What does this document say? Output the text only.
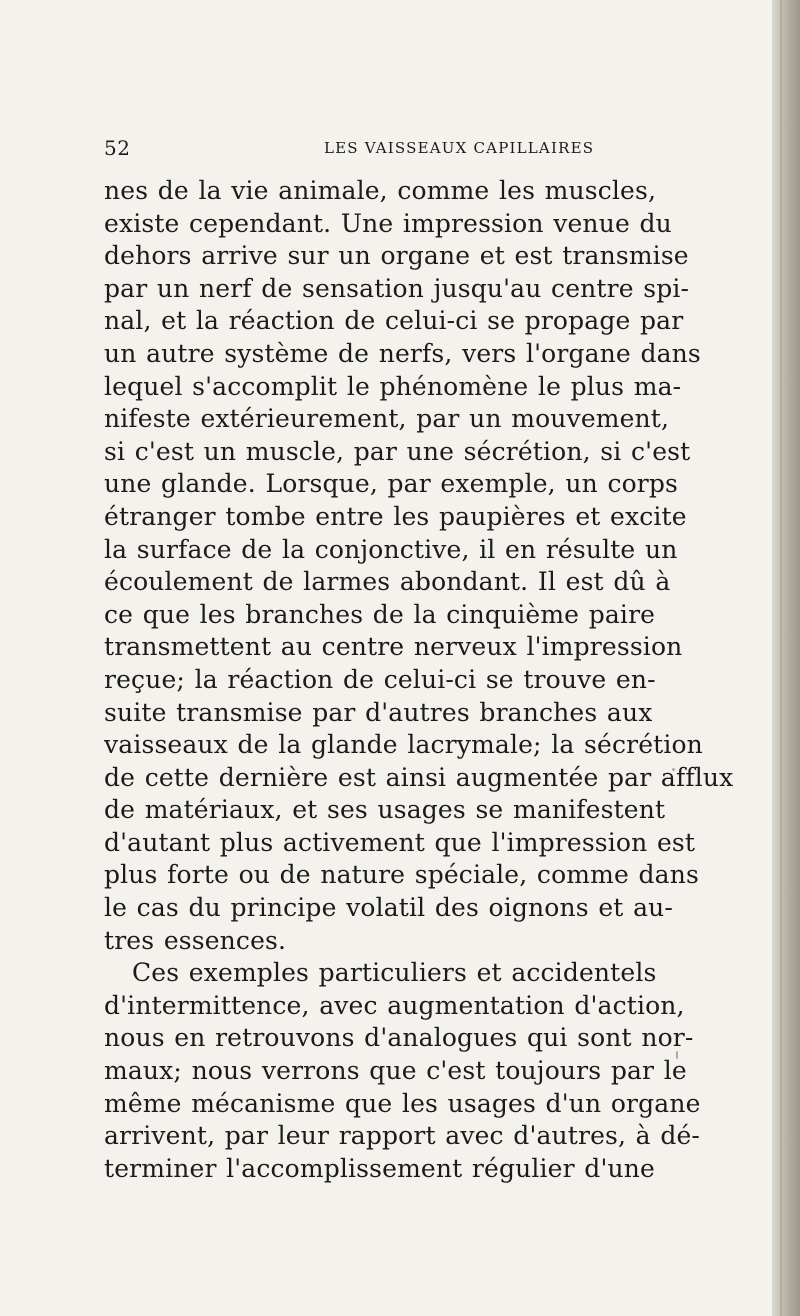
52	LES VAISSEAUX CAPILLAIRES
nes de la vie animale, comme les muscles,
existe cependant. Une impression venue du
dehors arrive sur un organe et est transmise
par un nerf de sensation jusqu'au centre spi-
nal, et la réaction de celui-ci se propage par
un autre système de nerfs, vers l'organe dans
lequel s'accomplit le phénomène le plus ma-
nifeste extérieurement, par un mouvement,
si c'est un muscle, par une sécrétion, si c'est
une glande. Lorsque, par exemple, un corps
étranger tombe entre les paupières et excite
la surface de la conjonctive, il en résulte un
écoulement de larmes abondant. Il est dû à
ce que les branches de la cinquième paire
transmettent au centre nerveux l'impression
reçue; la réaction de celui-ci se trouve en-
suite transmise par d'autres branches aux
vaisseaux de la glande lacrymale; la sécrétion
de cette dernière est ainsi augmentée par afflux
de matériaux, et ses usages se manifestent
d'autant plus activement que l'impression est
plus forte ou de nature spéciale, comme dans
le cas du principe volatil des oignons et au-
tres essences.
Ces exemples particuliers et accidentels
d'intermittence, avec augmentation d'action,
nous en retrouvons d'analogues qui sont nor-
maux; nous verrons que c'est toujours par le
même mécanisme que les usages d'un organe
arrivent, par leur rapport avec d'autres, à dé-
terminer l'accomplissement régulier d'une
